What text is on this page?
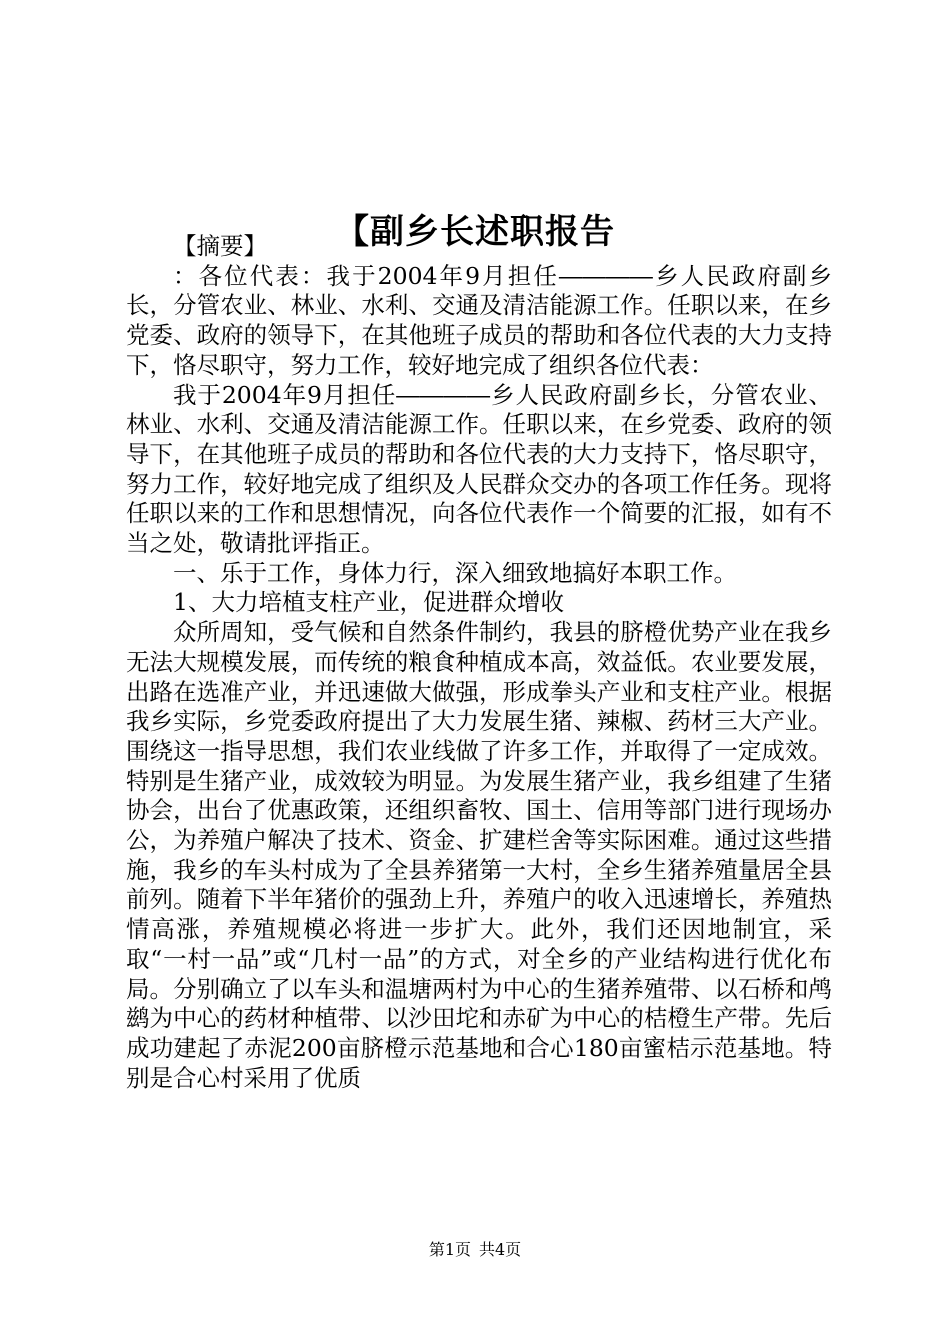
【副乡长述职报告

【摘要】

：各位代表：我于2004年9月担任――――乡人民政府副乡长，分管农业、林业、水利、交通及清洁能源工作。任职以来，在乡党委、政府的领导下，在其他班子成员的帮助和各位代表的大力支持下，恪尽职守，努力工作，较好地完成了组织各位代表：

我于2004年9月担任――――乡人民政府副乡长，分管农业、林业、水利、交通及清洁能源工作。任职以来，在乡党委、政府的领导下，在其他班子成员的帮助和各位代表的大力支持下，恪尽职守，努力工作，较好地完成了组织及人民群众交办的各项工作任务。现将任职以来的工作和思想情况，向各位代表作一个简要的汇报，如有不当之处，敬请批评指正。

一、乐于工作，身体力行，深入细致地搞好本职工作。

1、大力培植支柱产业，促进群众增收

众所周知，受气候和自然条件制约，我县的脐橙优势产业在我乡无法大规模发展，而传统的粮食种植成本高，效益低。农业要发展，出路在选准产业，并迅速做大做强，形成拳头产业和支柱产业。根据我乡实际，乡党委政府提出了大力发展生猪、辣椒、药材三大产业。围绕这一指导思想，我们农业线做了许多工作，并取得了一定成效。特别是生猪产业，成效较为明显。为发展生猪产业，我乡组建了生猪协会，出台了优惠政策，还组织畜牧、国土、信用等部门进行现场办公，为养殖户解决了技术、资金、扩建栏舍等实际困难。通过这些措施，我乡的车头村成为了全县养猪第一大村，全乡生猪养殖量居全县前列。随着下半年猪价的强劲上升，养殖户的收入迅速增长，养殖热情高涨，养殖规模必将进一步扩大。此外，我们还因地制宜，采取“一村一品”或“几村一品”的方式，对全乡的产业结构进行优化布局。分别确立了以车头和温塘两村为中心的生猪养殖带、以石桥和鸬鹚为中心的药材种植带、以沙田坨和赤矿为中心的桔橙生产带。先后成功建起了赤泥200亩脐橙示范基地和合心180亩蜜桔示范基地。特别是合心村采用了优质

第1页 共4页
